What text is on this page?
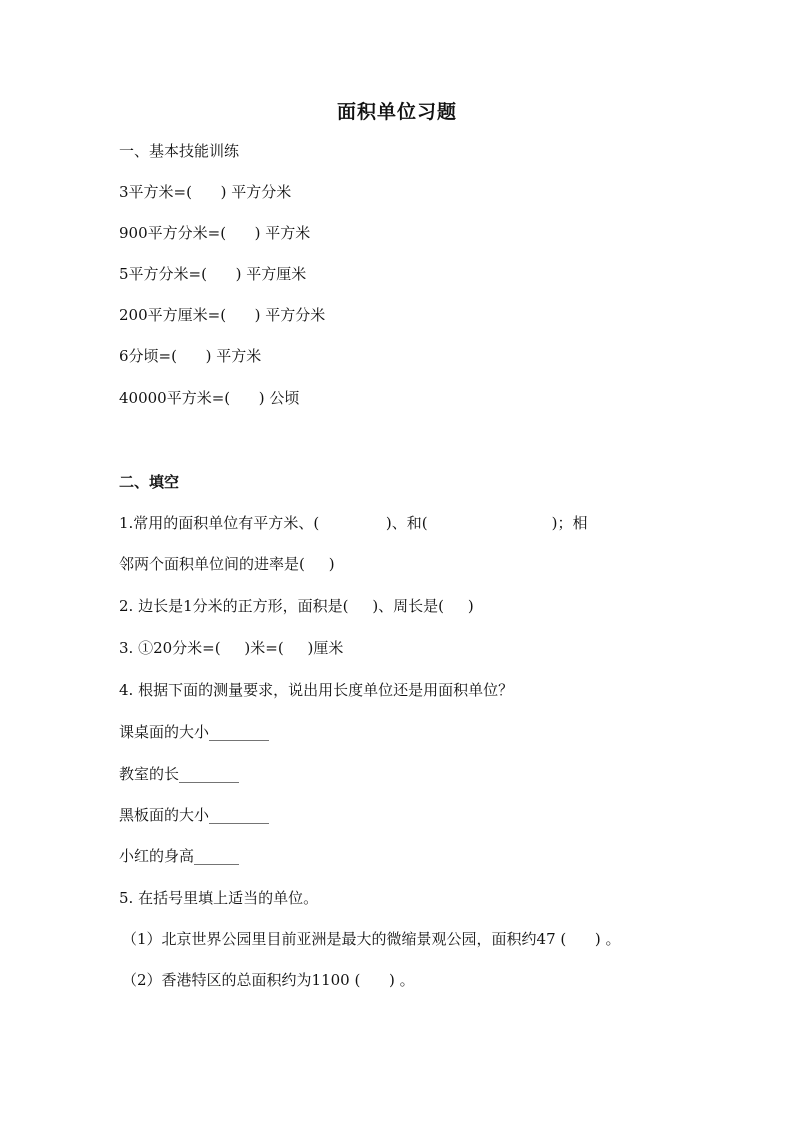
面积单位习题
一、基本技能训练
3平方米=(      ) 平方分米
900平方分米=(      ) 平方米
5平方分米=(      ) 平方厘米
200平方厘米=(      ) 平方分米
6分顷=(      ) 平方米
40000平方米=(      ) 公顷
二、填空
1.常用的面积单位有平方米、(              )、和(                          )；相
邻两个面积单位间的进率是(     )
2. 边长是1分米的正方形，面积是(     )、周长是(     )
3. ①20分米=(     )米=(     )厘米
4. 根据下面的测量要求，说出用长度单位还是用面积单位？
课桌面的大小________
教室的长________
黑板面的大小________
小红的身高______
5. 在括号里填上适当的单位。
（1）北京世界公园里目前亚洲是最大的微缩景观公园，面积约47 (      ) 。
（2）香港特区的总面积约为1100 (      ) 。
